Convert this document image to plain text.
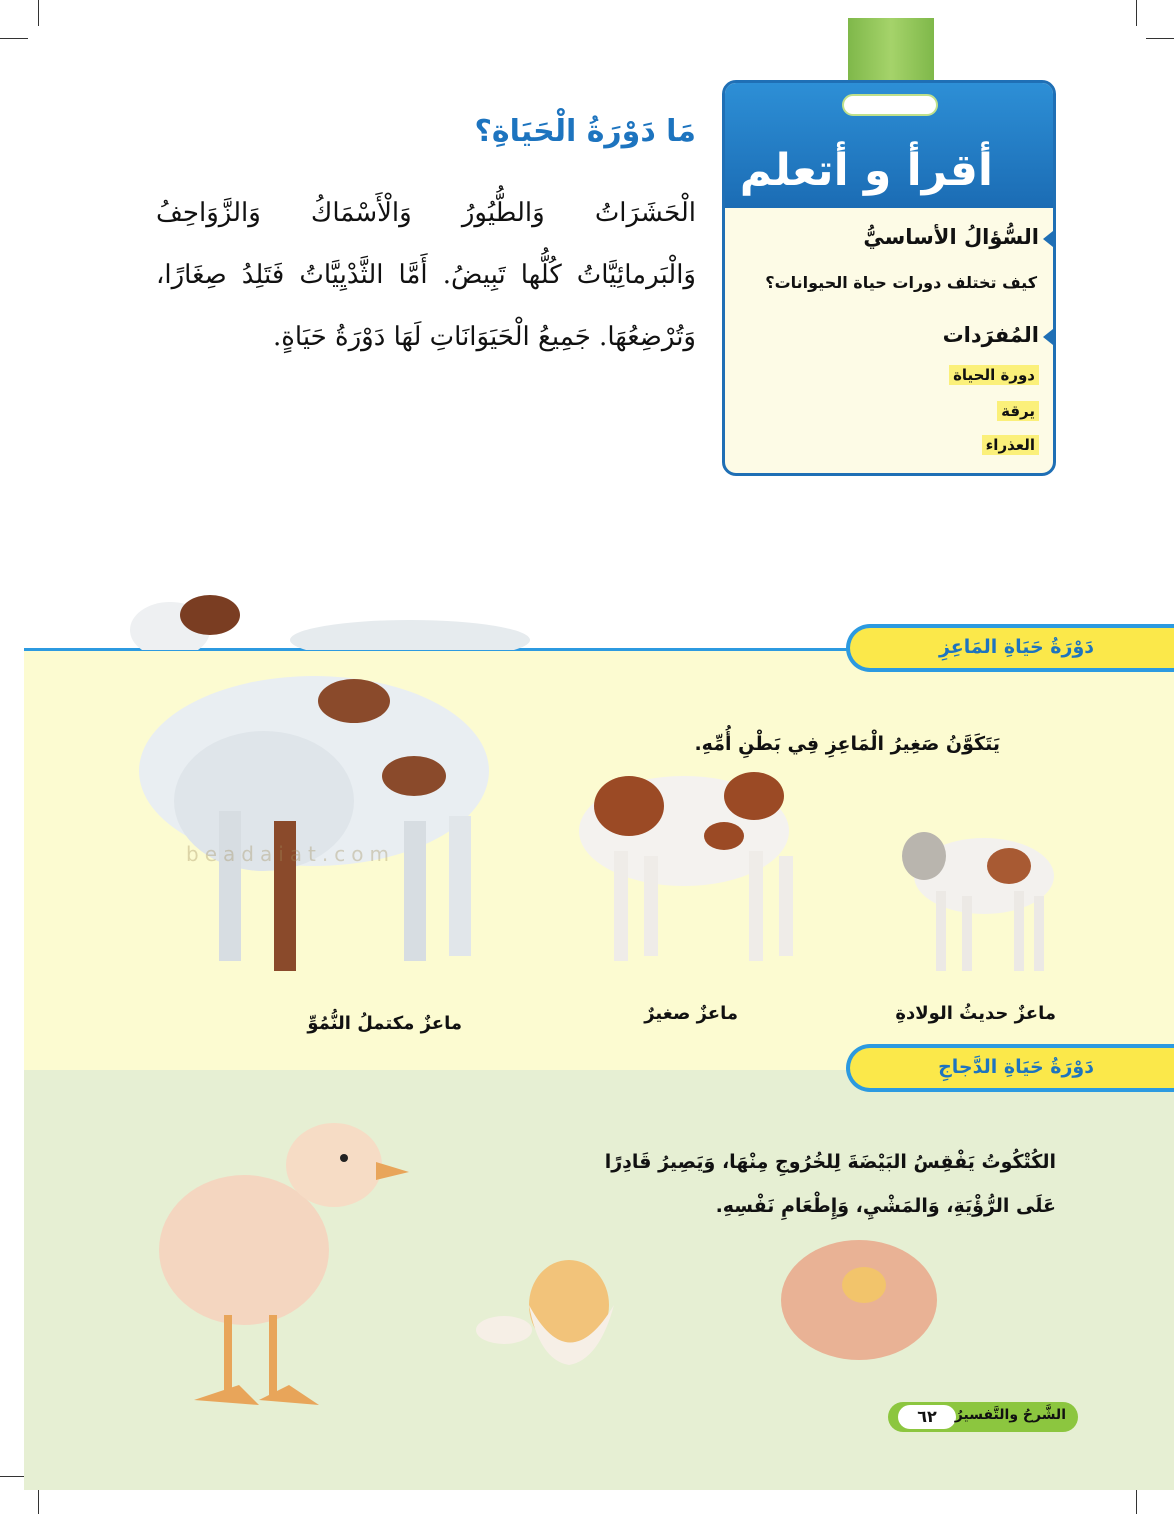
أقرأ و أتعلم
السُّؤالُ الأساسيُّ
كيف تختلف دورات حياة الحيوانات؟
المُفرَدات
دورة الحياة
يرقة
العذراء
مَا دَوْرَةُ الْحَيَاةِ؟
الْحَشَرَاتُ وَالطُّيُورُ وَالْأَسْمَاكُ وَالزَّوَاحِفُ وَالْبَرمائِيَّاتُ كُلُّها تَبِيضُ. أَمَّا الثَّدْيِيَّاتُ فَتَلِدُ صِغَارًا، وَتُرْضِعُهَا. جَمِيعُ الْحَيَوَانَاتِ لَهَا دَوْرَةُ حَيَاةٍ.
دَوْرَةُ حَيَاةِ المَاعِزِ
يَتَكَوَّنُ صَغِيرُ الْمَاعِزِ فِي بَطْنِ أُمِّهِ.
ماعزٌ حديثُ الولادةِ
ماعزٌ صغيرٌ
ماعزٌ مكتملُ النُّمُوِّ
دَوْرَةُ حَيَاةِ الدَّجاجِ
الكُتْكُوتُ يَفْقِسُ البَيْضَةَ لِلخُرُوجِ مِنْهَا، وَيَصِيرُ قَادِرًا عَلَى الرُّؤْيَةِ، وَالمَشْيِ، وَإِطْعَامِ نَفْسِهِ.
٦٢	الشَّرحُ والتَّفسيرُ
beadaiat.com
